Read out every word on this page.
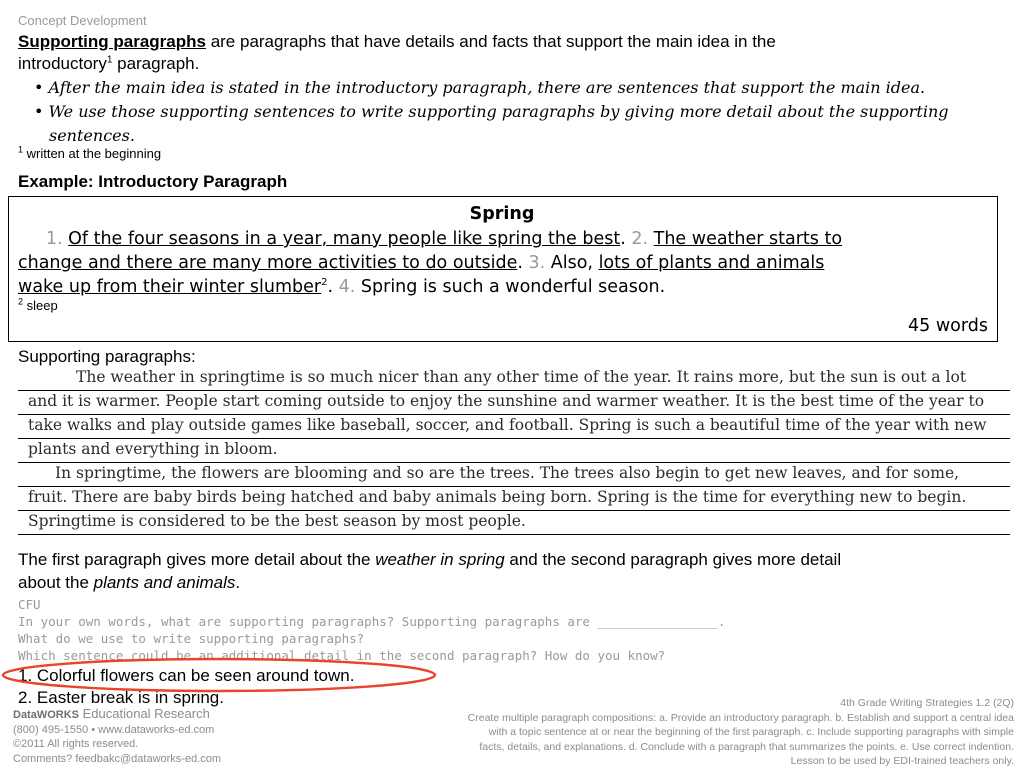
Concept Development
Supporting paragraphs are paragraphs that have details and facts that support the main idea in the
introductory$^1$ paragraph.
• After the main idea is stated in the introductory paragraph, there are sentences that support the main idea.
• We use those supporting sentences to write supporting paragraphs by giving more detail about the supporting
sentences.
$^1$ written at the beginning
Example: Introductory Paragraph
Spring
1. Of the four seasons in a year, many people like spring the best. 2. The weather starts to
change and there are many more activities to do outside. 3. Also, lots of plants and animals
wake up from their winter slumber$^2$. 4. Spring is such a wonderful season.
$^2$ sleep
45 words
Supporting paragraphs:
The weather in springtime is so much nicer than any other time of the year. It rains more, but the sun is out a lot
and it is warmer. People start coming outside to enjoy the sunshine and warmer weather. It is the best time of the year to
take walks and play outside games like baseball, soccer, and football. Spring is such a beautiful time of the year with new
plants and everything in bloom.
In springtime, the flowers are blooming and so are the trees. The trees also begin to get new leaves, and for some,
fruit. There are baby birds being hatched and baby animals being born. Spring is the time for everything new to begin.
Springtime is considered to be the best season by most people.
The first paragraph gives more detail about the weather in spring and the second paragraph gives more detail
about the plants and animals.
CFU
In your own words, what are supporting paragraphs? Supporting paragraphs are ________________.
What do we use to write supporting paragraphs?
Which sentence could be an additional detail in the second paragraph? How do you know?
1. Colorful flowers can be seen around town.
2. Easter break is in spring.
DataWORKS Educational Research
(800) 495-1550 • www.dataworks-ed.com
©2011 All rights reserved.
Comments? feedbakc@dataworks-ed.com
4th Grade Writing Strategies 1.2 (2Q)
Create multiple paragraph compositions: a. Provide an introductory paragraph. b. Establish and support a central idea
with a topic sentence at or near the beginning of the first paragraph. c. Include supporting paragraphs with simple
facts, details, and explanations. d. Conclude with a paragraph that summarizes the points. e. Use correct indention.
Lesson to be used by EDI-trained teachers only.
